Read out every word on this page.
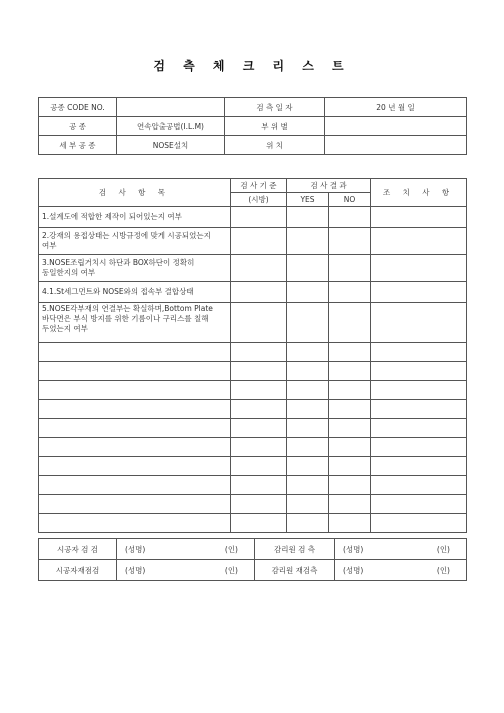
검 측 체 크 리 스 트
공종 CODE NO.		검 측 일 자	20 년 월 일
공 종	연속압출공법(I.L.M)	부 위 별	
세 부 공 종	NOSE설치	위 치	
검 사 항 목	검 사 기 준	검 사 결 과		조 치 사 항
	(시방)	YES	NO	
1.설계도에 적합한 제작이 되어있는지 여부				
2.강재의 용접상태는 시방규정에 맞게 시공되었는지 여부				
3.NOSE조립거치시 하단과 BOX하단이 정확히 동일한지의 여부				
4.1.St세그먼트와 NOSE와의 접속부 결합상태				
5.NOSE각부재의 연결부는 확실하며,Bottom Plate 바닥면은 부식 방지를 위한 기름이나 구리스를 칠해 두었는지 여부				

시공자 검 검	(성명) (인)	감리원 검 측	(성명) (인)

시공자재점검	(성명) (인)	감리원 재검측	(성명) (인)
